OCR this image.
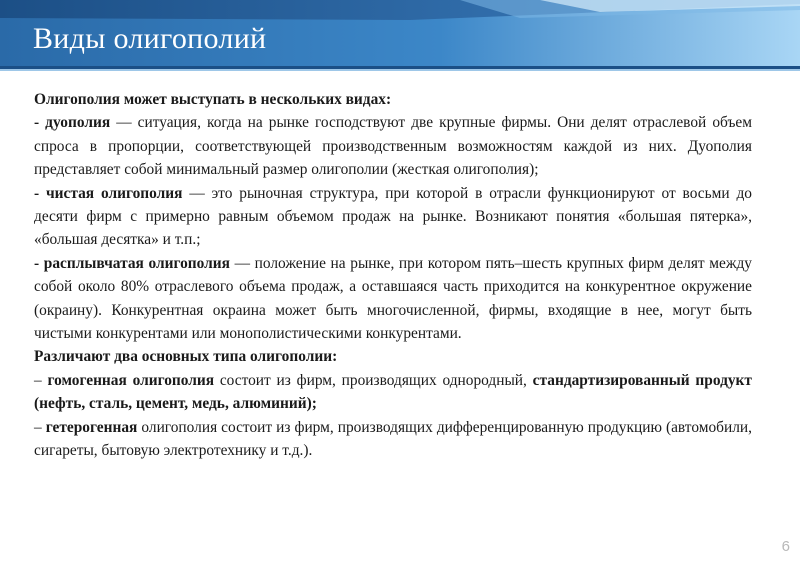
Виды олигополий

Олигополия может выступать в нескольких видах:

- дуополия — ситуация, когда на рынке господствуют две крупные фирмы. Они делят отраслевой объем спроса в пропорции, соответствующей производственным возможностям каждой из них. Дуополия представляет собой минимальный размер олигополии (жесткая олигополия);

- чистая олигополия — это рыночная структура, при которой в отрасли функционируют от восьми до десяти фирм с примерно равным объемом продаж на рынке. Возникают понятия «большая пятерка», «большая десятка» и т.п.;

- расплывчатая олигополия — положение на рынке, при котором пять–шесть крупных фирм делят между собой около 80% отраслевого объема продаж, а оставшаяся часть приходится на конкурентное окружение (окраину). Конкурентная окраина может быть многочисленной, фирмы, входящие в нее, могут быть чистыми конкурентами или монополистическими конкурентами.

Различают два основных типа олигополии:

– гомогенная олигополия состоит из фирм, производящих однородный, стандартизированный продукт (нефть, сталь, цемент, медь, алюминий);

– гетерогенная олигополия состоит из фирм, производящих дифференцированную продукцию (автомобили, сигареты, бытовую электротехнику и т.д.).

6
